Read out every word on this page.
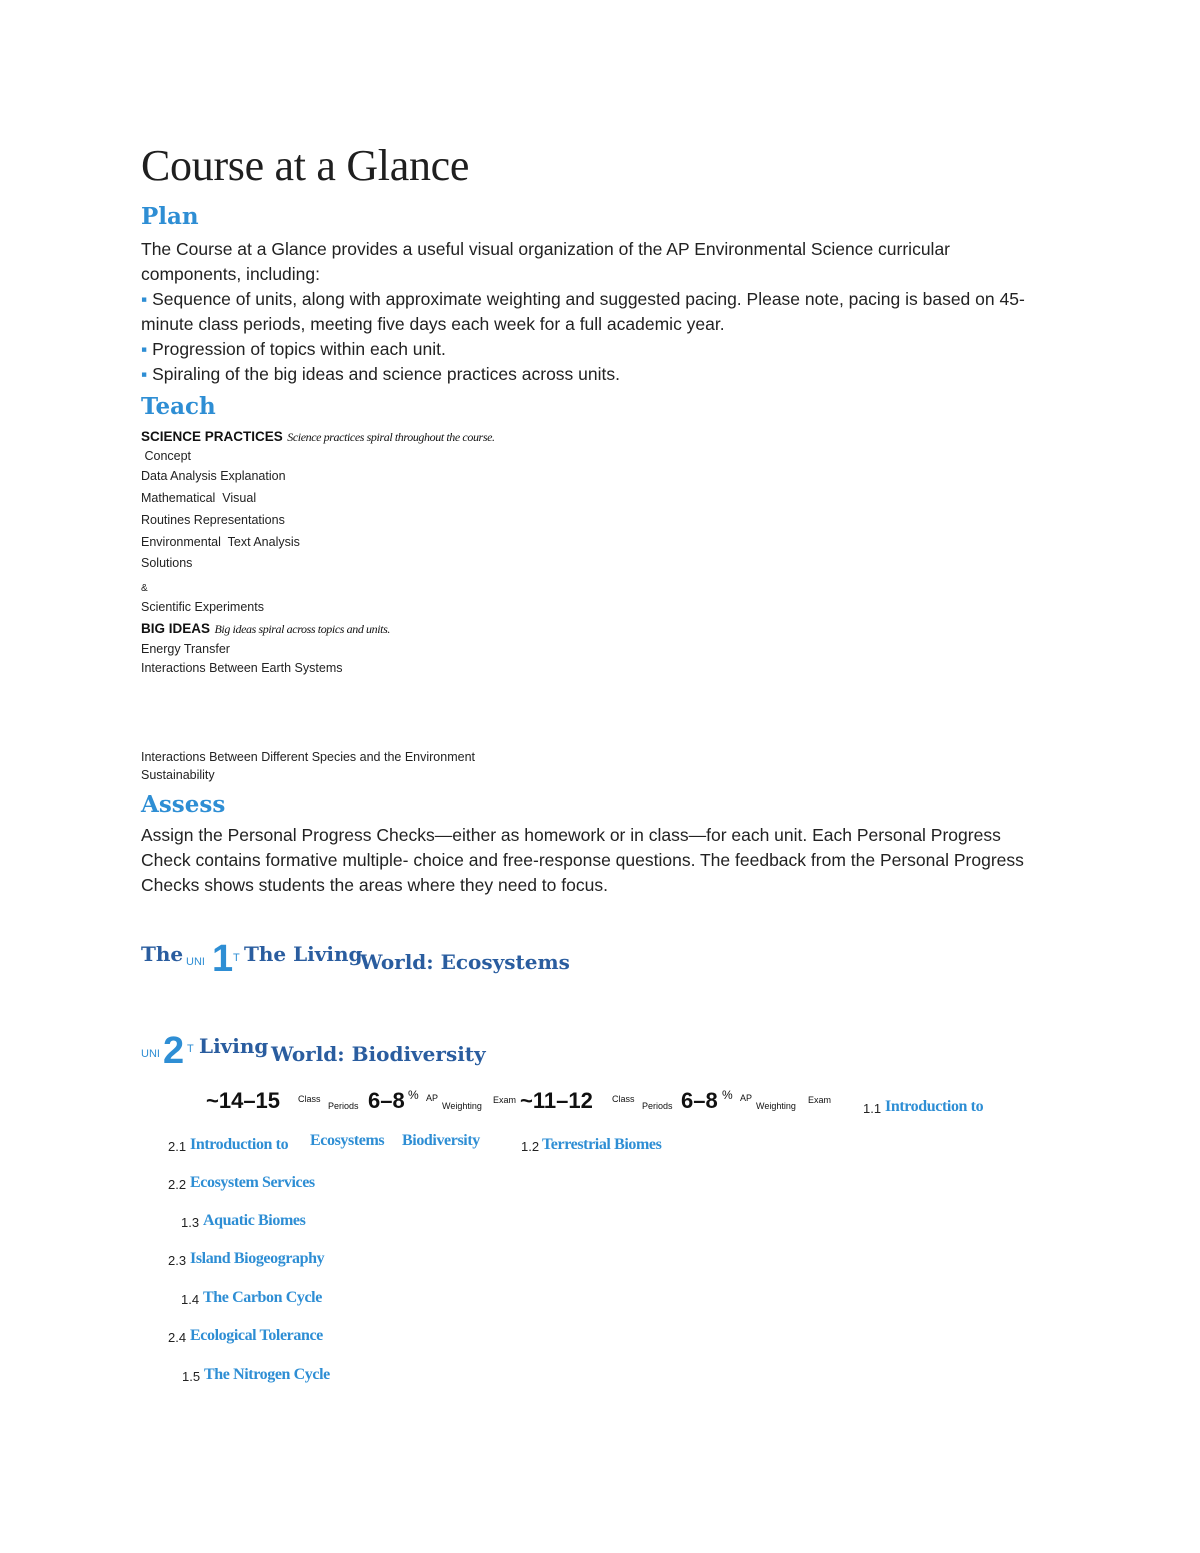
Course at a Glance
Plan
The Course at a Glance provides a useful visual organization of the AP Environmental Science curricular components, including:
▪ Sequence of units, along with approximate weighting and suggested pacing. Please note, pacing is based on 45-minute class periods, meeting five days each week for a full academic year.
▪ Progression of topics within each unit.
▪ Spiraling of the big ideas and science practices across units.
Teach
SCIENCE PRACTICES Science practices spiral throughout the course.
Concept
Data Analysis Explanation
Mathematical  Visual
Routines Representations
Environmental  Text Analysis
Solutions
&
Scientific Experiments
BIG IDEAS Big ideas spiral across topics and units.
Energy Transfer
Interactions Between Earth Systems
Interactions Between Different Species and the Environment
Sustainability
Assess
Assign the Personal Progress Checks—either as homework or in class—for each unit. Each Personal Progress Check contains formative multiple- choice and free-response questions. The feedback from the Personal Progress Checks shows students the areas where they need to focus.
The UNI 1 T The Living
World: Ecosystems
UNI 2 T Living World: Biodiversity
~14–15 Class
Periods 6–8 % AP
Weighting
Exam ~11–12 Class
Periods 6–8 % AP
Weighting
Exam
1.1 Introduction to
2.1 Introduction to Ecosystems Biodiversity	1.2 Terrestrial Biomes
2.2 Ecosystem Services
1.3 Aquatic Biomes
2.3 Island Biogeography
1.4 The Carbon Cycle
2.4 Ecological Tolerance
1.5 The Nitrogen Cycle
